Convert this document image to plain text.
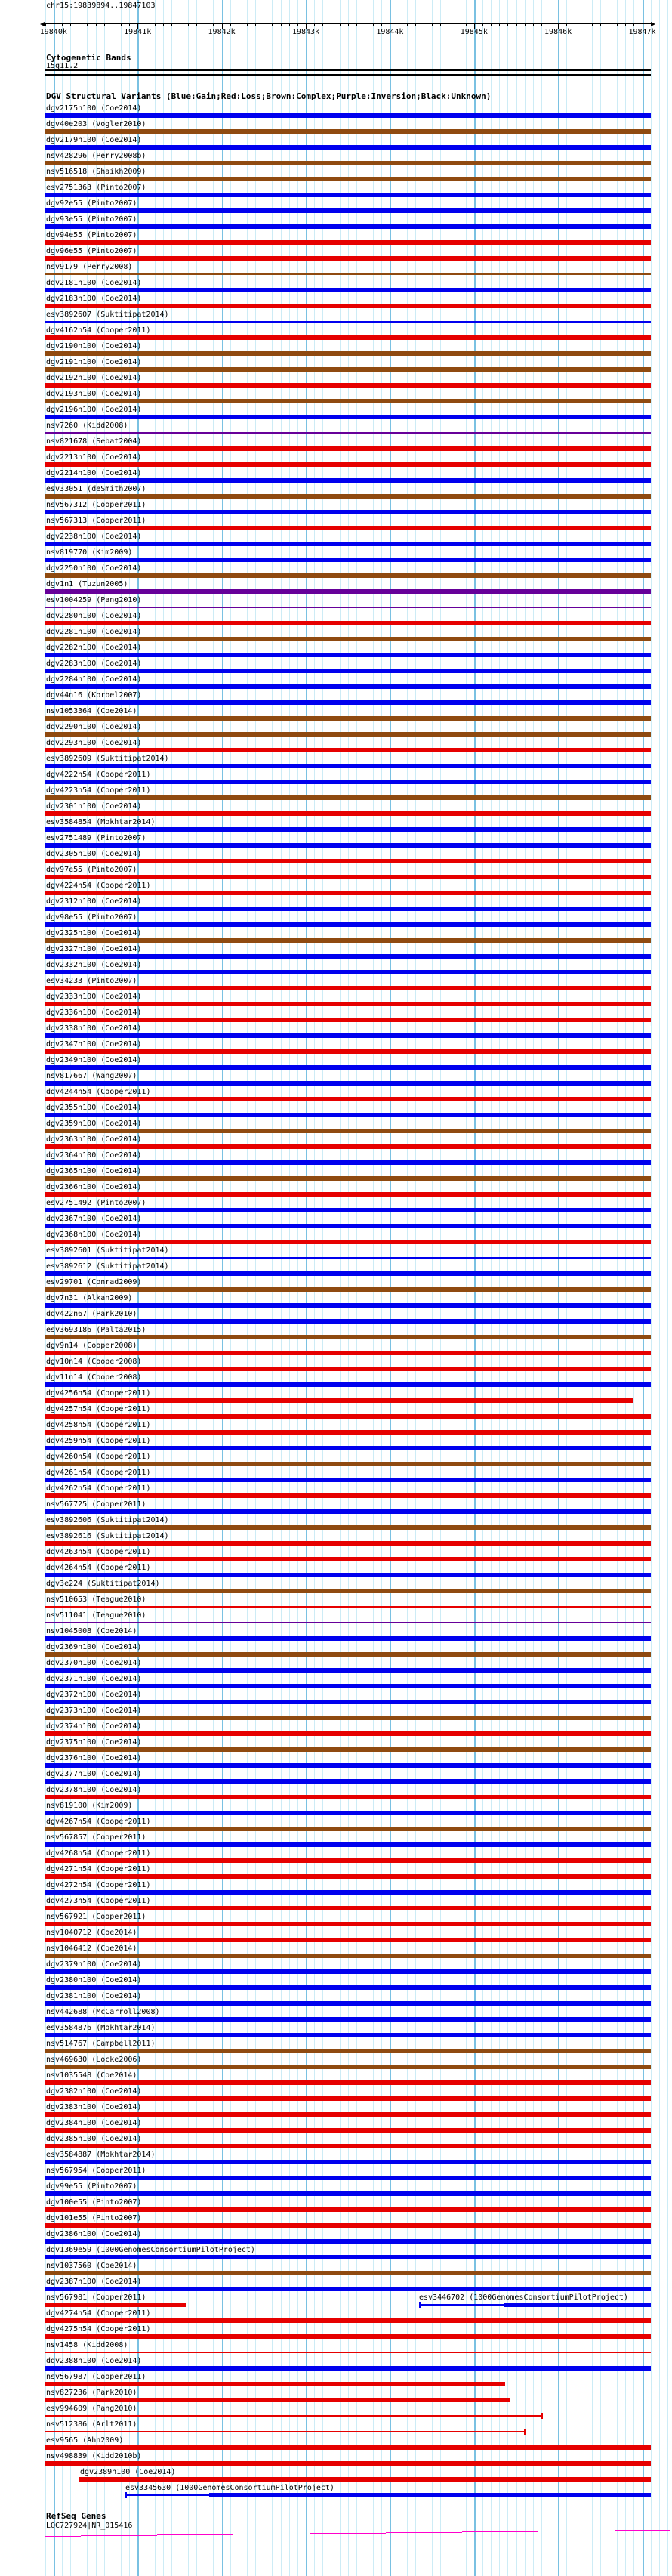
chr15:19839894..19847103
19840k	19841k	19842k	19843k	19844k	19845k	19846k	19847k
Cytogenetic Bands
15q11.2
DGV Structural Variants (Blue:Gain;Red:Loss;Brown:Complex;Purple:Inversion;Black:Unknown)
dgv2175n100 (Coe2014)
dgv40e203 (Vogler2010)
dgv2179n100 (Coe2014)
nsv428296 (Perry2008b)
nsv516518 (Shaikh2009)
esv2751363 (Pinto2007)
dgv92e55 (Pinto2007)
dgv93e55 (Pinto2007)
dgv94e55 (Pinto2007)
dgv96e55 (Pinto2007)
nsv9179 (Perry2008)
dgv2181n100 (Coe2014)
dgv2183n100 (Coe2014)
esv3892607 (Suktitipat2014)
dgv4162n54 (Cooper2011)
dgv2190n100 (Coe2014)
dgv2191n100 (Coe2014)
dgv2192n100 (Coe2014)
dgv2193n100 (Coe2014)
dgv2196n100 (Coe2014)
nsv7260 (Kidd2008)
nsv821678 (Sebat2004)
dgv2213n100 (Coe2014)
dgv2214n100 (Coe2014)
esv33051 (deSmith2007)
nsv567312 (Cooper2011)
nsv567313 (Cooper2011)
dgv2238n100 (Coe2014)
nsv819770 (Kim2009)
dgv2250n100 (Coe2014)
dgv1n1 (Tuzun2005)
esv1004259 (Pang2010)
dgv2280n100 (Coe2014)
dgv2281n100 (Coe2014)
dgv2282n100 (Coe2014)
dgv2283n100 (Coe2014)
dgv2284n100 (Coe2014)
dgv44n16 (Korbel2007)
nsv1053364 (Coe2014)
dgv2290n100 (Coe2014)
dgv2293n100 (Coe2014)
esv3892609 (Suktitipat2014)
dgv4222n54 (Cooper2011)
dgv4223n54 (Cooper2011)
dgv2301n100 (Coe2014)
esv3584854 (Mokhtar2014)
esv2751489 (Pinto2007)
dgv2305n100 (Coe2014)
dgv97e55 (Pinto2007)
dgv4224n54 (Cooper2011)
dgv2312n100 (Coe2014)
dgv98e55 (Pinto2007)
dgv2325n100 (Coe2014)
dgv2327n100 (Coe2014)
dgv2332n100 (Coe2014)
esv34233 (Pinto2007)
dgv2333n100 (Coe2014)
dgv2336n100 (Coe2014)
dgv2338n100 (Coe2014)
dgv2347n100 (Coe2014)
dgv2349n100 (Coe2014)
nsv817667 (Wang2007)
dgv4244n54 (Cooper2011)
dgv2355n100 (Coe2014)
dgv2359n100 (Coe2014)
dgv2363n100 (Coe2014)
dgv2364n100 (Coe2014)
dgv2365n100 (Coe2014)
dgv2366n100 (Coe2014)
esv2751492 (Pinto2007)
dgv2367n100 (Coe2014)
dgv2368n100 (Coe2014)
esv3892601 (Suktitipat2014)
esv3892612 (Suktitipat2014)
esv29701 (Conrad2009)
dgv7n31 (Alkan2009)
dgv422n67 (Park2010)
esv3693186 (Palta2015)
dgv9n14 (Cooper2008)
dgv10n14 (Cooper2008)
dgv11n14 (Cooper2008)
dgv4256n54 (Cooper2011)
dgv4257n54 (Cooper2011)
dgv4258n54 (Cooper2011)
dgv4259n54 (Cooper2011)
dgv4260n54 (Cooper2011)
dgv4261n54 (Cooper2011)
dgv4262n54 (Cooper2011)
nsv567725 (Cooper2011)
esv3892606 (Suktitipat2014)
esv3892616 (Suktitipat2014)
dgv4263n54 (Cooper2011)
dgv4264n54 (Cooper2011)
dgv3e224 (Suktitipat2014)
nsv510653 (Teague2010)
nsv511041 (Teague2010)
nsv1045008 (Coe2014)
dgv2369n100 (Coe2014)
dgv2370n100 (Coe2014)
dgv2371n100 (Coe2014)
dgv2372n100 (Coe2014)
dgv2373n100 (Coe2014)
dgv2374n100 (Coe2014)
dgv2375n100 (Coe2014)
dgv2376n100 (Coe2014)
dgv2377n100 (Coe2014)
dgv2378n100 (Coe2014)
nsv819100 (Kim2009)
dgv4267n54 (Cooper2011)
nsv567857 (Cooper2011)
dgv4268n54 (Cooper2011)
dgv4271n54 (Cooper2011)
dgv4272n54 (Cooper2011)
dgv4273n54 (Cooper2011)
nsv567921 (Cooper2011)
nsv1040712 (Coe2014)
nsv1046412 (Coe2014)
dgv2379n100 (Coe2014)
dgv2380n100 (Coe2014)
dgv2381n100 (Coe2014)
nsv442688 (McCarroll2008)
esv3584876 (Mokhtar2014)
nsv514767 (Campbell2011)
nsv469630 (Locke2006)
nsv1035548 (Coe2014)
dgv2382n100 (Coe2014)
dgv2383n100 (Coe2014)
dgv2384n100 (Coe2014)
dgv2385n100 (Coe2014)
esv3584887 (Mokhtar2014)
nsv567954 (Cooper2011)
dgv99e55 (Pinto2007)
dgv100e55 (Pinto2007)
dgv101e55 (Pinto2007)
dgv2386n100 (Coe2014)
dgv1369e59 (1000GenomesConsortiumPilotProject)
nsv1037560 (Coe2014)
dgv2387n100 (Coe2014)
nsv567981 (Cooper2011)	esv3446702 (1000GenomesConsortiumPilotProject)
dgv4274n54 (Cooper2011)
dgv4275n54 (Cooper2011)
nsv1458 (Kidd2008)
dgv2388n100 (Coe2014)
nsv567987 (Cooper2011)
nsv827236 (Park2010)
esv994609 (Pang2010)
nsv512386 (Arlt2011)
esv9565 (Ahn2009)
nsv498839 (Kidd2010b)
dgv2389n100 (Coe2014)
esv3345630 (1000GenomesConsortiumPilotProject)
RefSeq Genes
LOC727924|NR_015416
